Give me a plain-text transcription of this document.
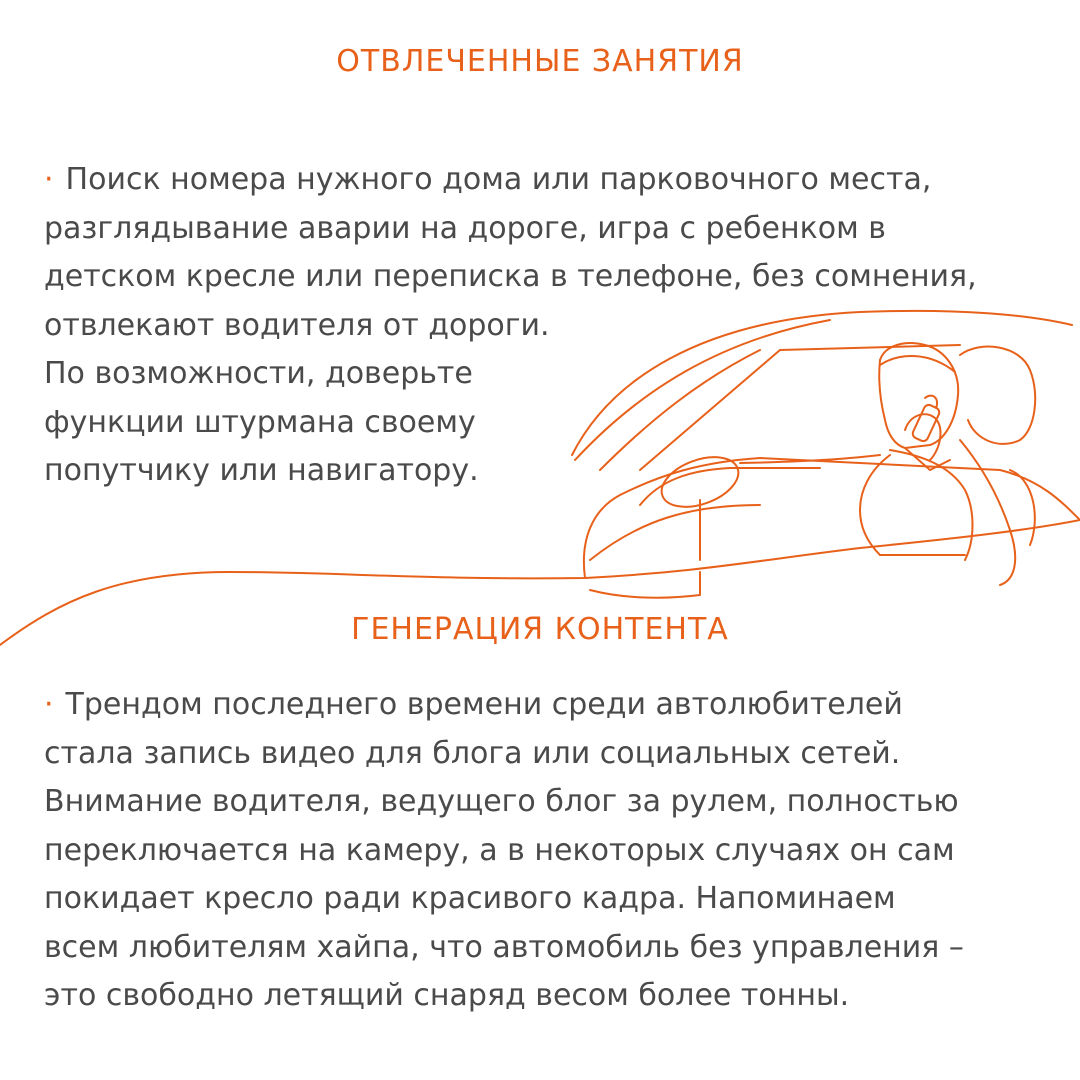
ОТВЛЕЧЕННЫЕ ЗАНЯТИЯ
· Поиск номера нужного дома или парковочного места,
разглядывание аварии на дороге, игра с ребенком в
детском кресле или переписка в телефоне, без сомнения,
отвлекают водителя от дороги.
По возможности, доверьте
функции штурмана своему
попутчику или навигатору.
ГЕНЕРАЦИЯ КОНТЕНТА
· Трендом последнего времени среди автолюбителей
стала запись видео для блога или социальных сетей.
Внимание водителя, ведущего блог за рулем, полностью
переключается на камеру, а в некоторых случаях он сам
покидает кресло ради красивого кадра. Напоминаем
всем любителям хайпа, что автомобиль без управления –
это свободно летящий снаряд весом более тонны.
